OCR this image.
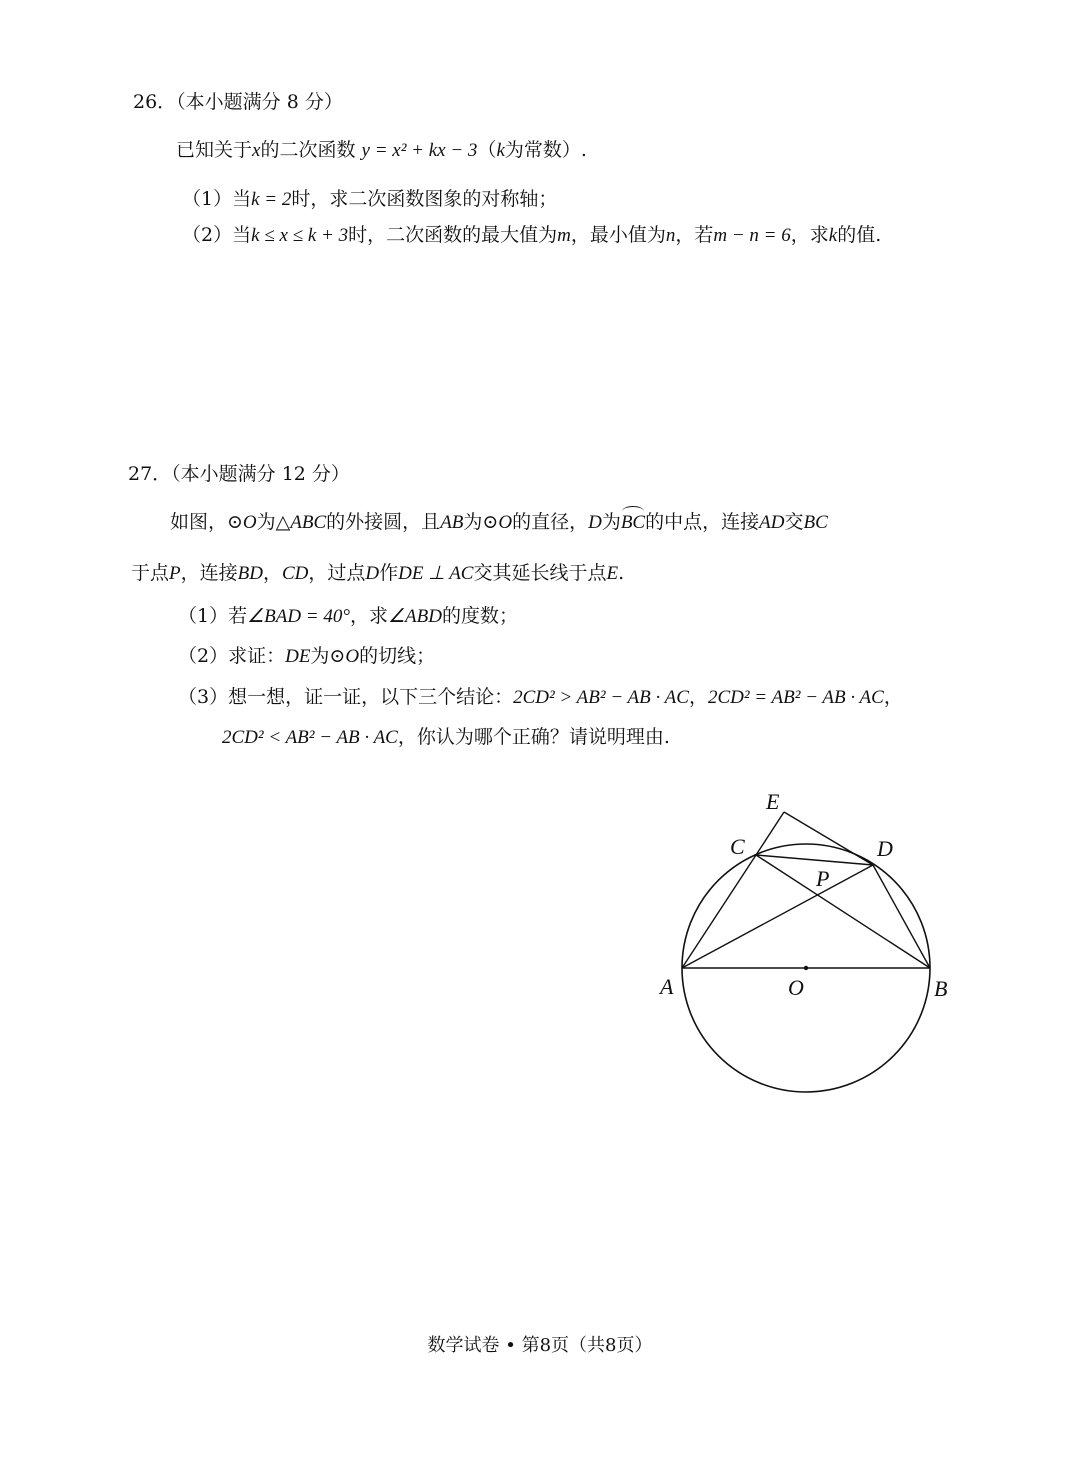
26．（本小题满分 8 分）
已知关于x的二次函数 y = x² + kx − 3（k为常数）.
（1）当k = 2时，求二次函数图象的对称轴；
（2）当k ≤ x ≤ k + 3时，二次函数的最大值为m，最小值为n，若m − n = 6，求k的值.
27．（本小题满分 12 分）
如图，⊙O为△ABC的外接圆，且AB为⊙O的直径，D为BC的中点，连接AD交BC
于点P，连接BD，CD，过点D作DE ⊥ AC交其延长线于点E.
（1）若∠BAD = 40°，求∠ABD的度数；
（2）求证：DE为⊙O的切线；
（3）想一想，证一证，以下三个结论：2CD² > AB² − AB · AC，2CD² = AB² − AB · AC，
2CD² < AB² − AB · AC，你认为哪个正确？请说明理由.
E
C	D
P
A	O	B
数学试卷 • 第8页（共8页）
